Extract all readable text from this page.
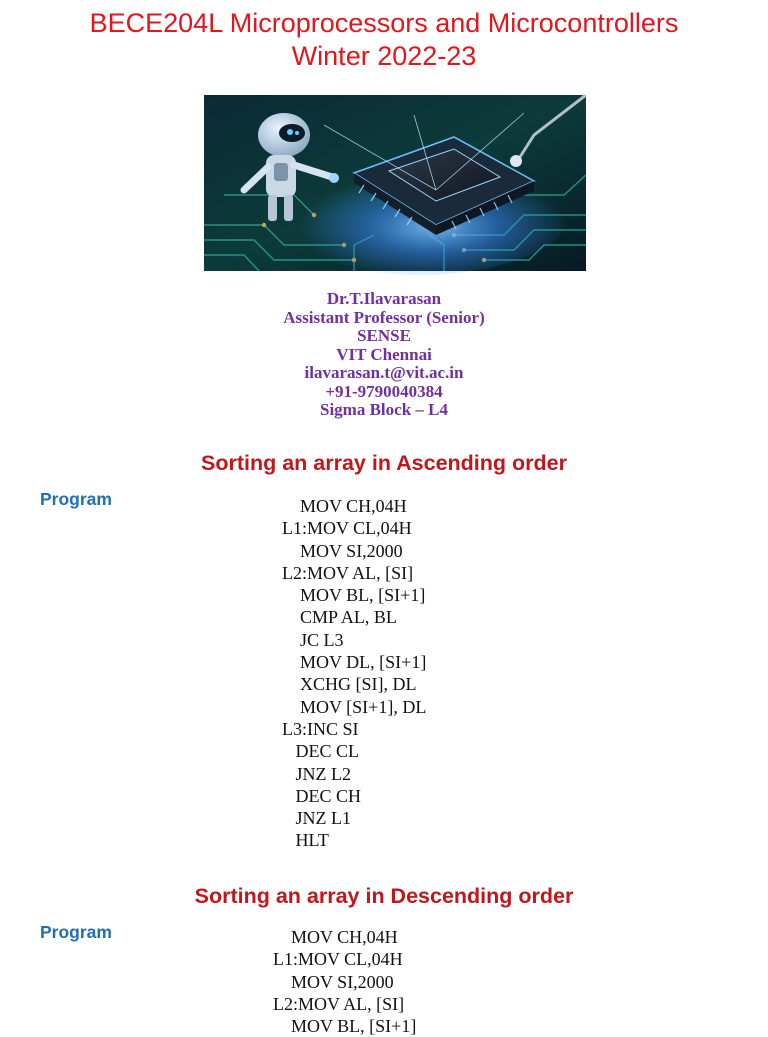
BECE204L Microprocessors and Microcontrollers
Winter 2022-23
Dr.T.Ilavarasan
Assistant Professor (Senior)
SENSE
VIT Chennai
ilavarasan.t@vit.ac.in
+91-9790040384
Sigma Block – L4
Sorting an array in Ascending order
Program	MOV CH,04H
L1:MOV CL,04H
MOV SI,2000
L2:MOV AL, [SI]
MOV BL, [SI+1]
CMP AL, BL
JC L3
MOV DL, [SI+1]
XCHG [SI], DL
MOV [SI+1], DL
L3:INC SI
DEC CL
JNZ L2
DEC CH
JNZ L1
HLT
Sorting an array in Descending order
Program	MOV CH,04H
L1:MOV CL,04H
MOV SI,2000
L2:MOV AL, [SI]
MOV BL, [SI+1]
